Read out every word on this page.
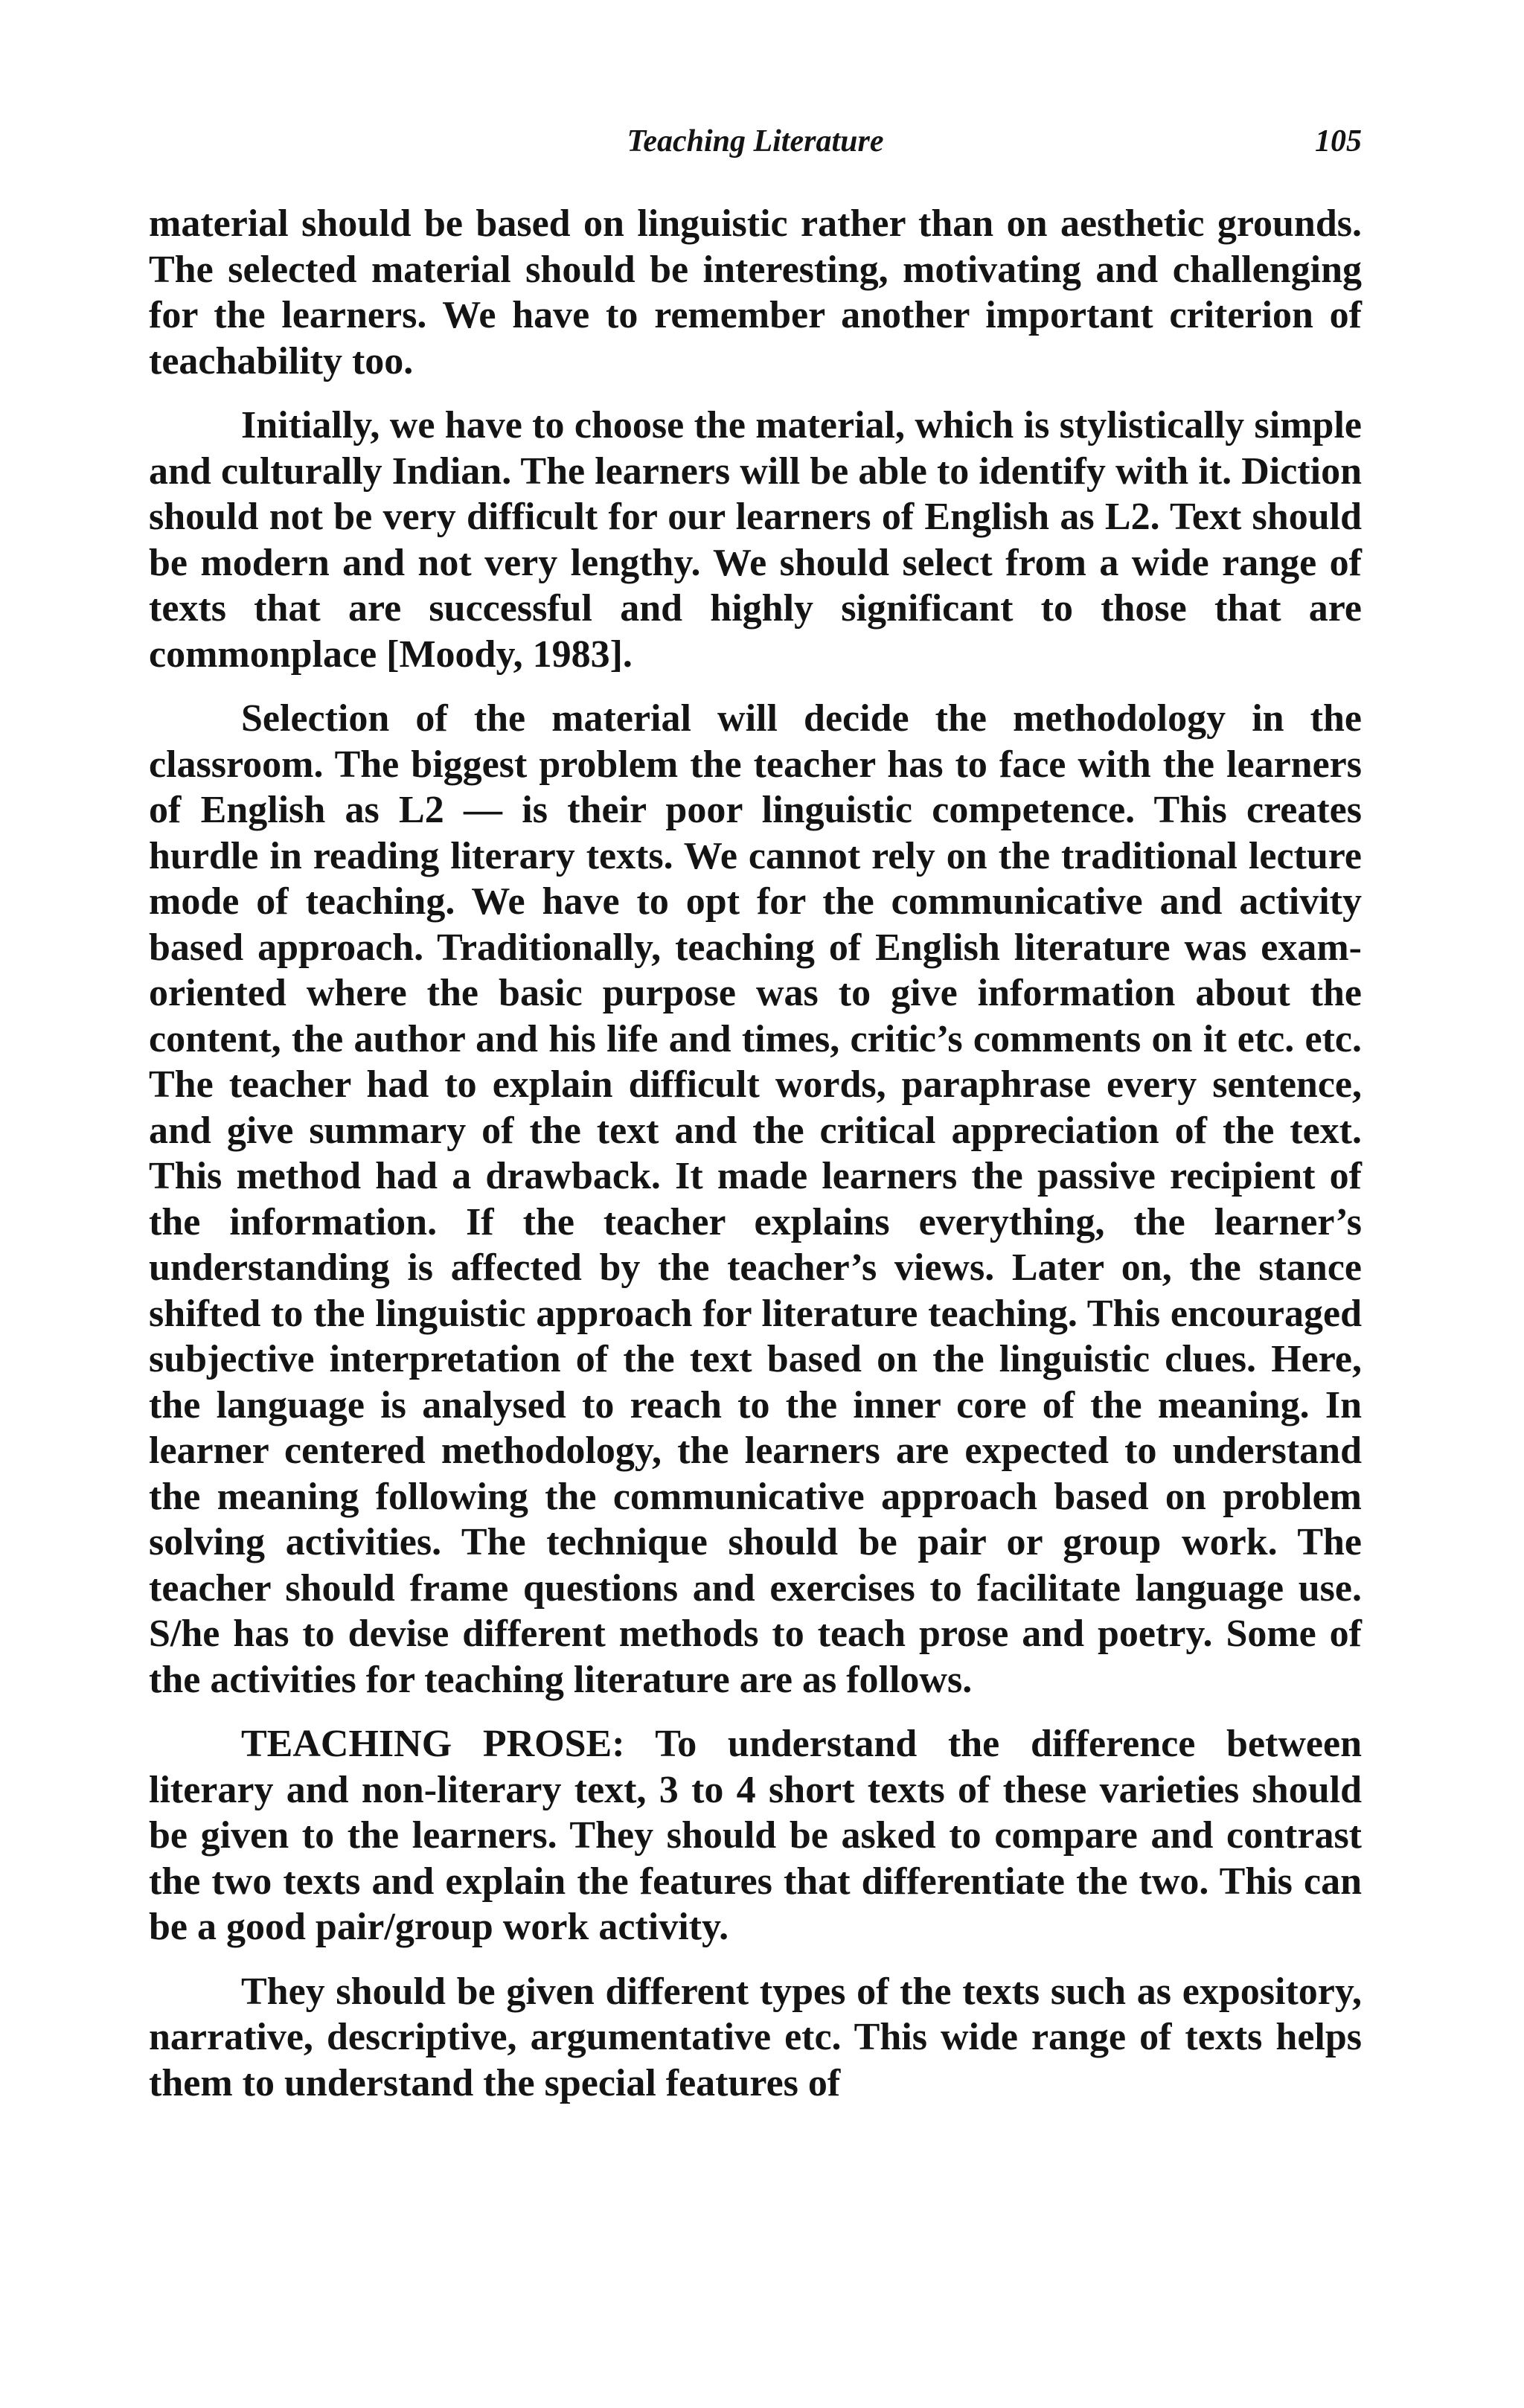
Teaching Literature	105

material should be based on linguistic rather than on aesthetic grounds. The selected material should be interesting, motivating and challenging for the learners. We have to remember another important criterion of teachability too.

Initially, we have to choose the material, which is stylistically simple and culturally Indian. The learners will be able to identify with it. Diction should not be very difficult for our learners of English as L2. Text should be modern and not very lengthy. We should select from a wide range of texts that are successful and highly significant to those that are commonplace [Moody, 1983].

Selection of the material will decide the methodology in the classroom. The biggest problem the teacher has to face with the learners of English as L2 — is their poor linguistic competence. This creates hurdle in reading literary texts. We cannot rely on the traditional lecture mode of teaching. We have to opt for the communicative and activity based approach. Traditionally, teaching of English literature was exam- oriented where the basic purpose was to give information about the content, the author and his life and times, critic’s comments on it etc. etc. The teacher had to explain difficult words, paraphrase every sentence, and give summary of the text and the critical appreciation of the text. This method had a drawback. It made learners the passive recipient of the information. If the teacher explains everything, the learner’s understanding is affected by the teacher’s views. Later on, the stance shifted to the linguistic approach for literature teaching. This encouraged subjective interpretation of the text based on the linguistic clues. Here, the language is analysed to reach to the inner core of the meaning. In learner centered methodology, the learners are expected to understand the meaning following the communicative approach based on problem solving activities. The technique should be pair or group work. The teacher should frame questions and exercises to facilitate language use. S/he has to devise different methods to teach prose and poetry. Some of the activities for teaching literature are as follows.

TEACHING PROSE: To understand the difference between literary and non-literary text, 3 to 4 short texts of these varieties should be given to the learners. They should be asked to compare and contrast the two texts and explain the features that differentiate the two. This can be a good pair/group work activity.

They should be given different types of the texts such as expository, narrative, descriptive, argumentative etc. This wide range of texts helps them to understand the special features of
